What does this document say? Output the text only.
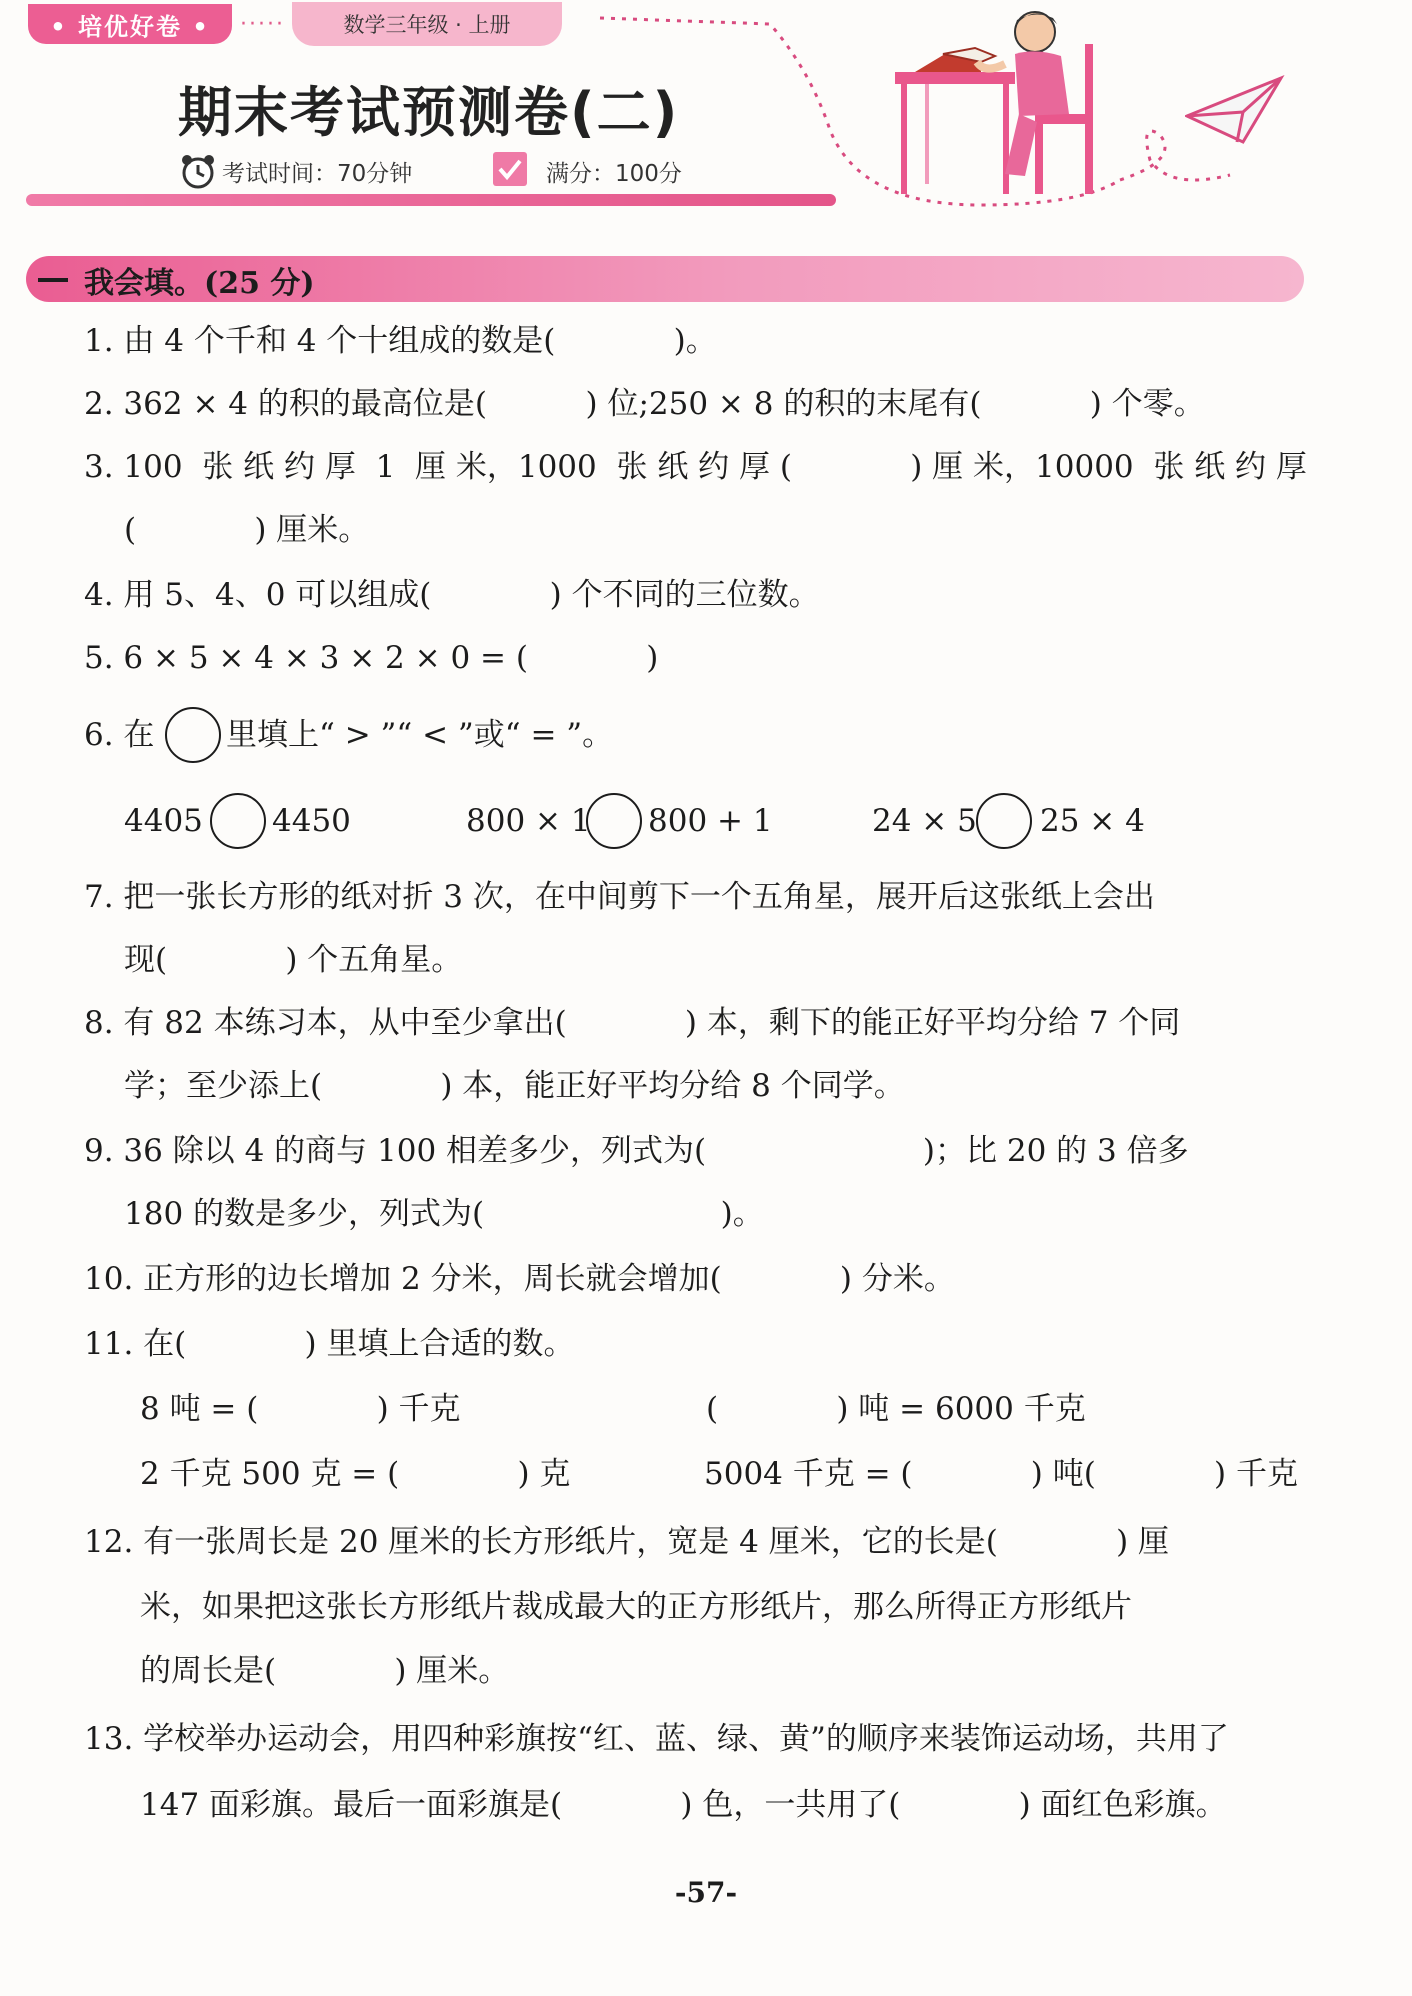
• 培优好卷 •	·····	数学三年级 · 上册
期末考试预测卷(二)
考试时间：70分钟	满分：100分
我会填。(25 分)
1. 由 4 个千和 4 个十组成的数是(            )。
2. 362 × 4 的积的最高位是(          ) 位;250 × 8 的积的末尾有(           ) 个零。
3. 100  张 纸 约 厚  1  厘 米，1000  张 纸 约 厚 (            ) 厘 米，10000  张 纸 约 厚
(            ) 厘米。
4. 用 5、4、0 可以组成(            ) 个不同的三位数。
5. 6 × 5 × 4 × 3 × 2 × 0 = (            )
6. 在 里填上“ > ”“ < ”或“ = ”。
4405 4450	800 × 1 800 + 1	24 × 5 25 × 4
7. 把一张长方形的纸对折 3 次，在中间剪下一个五角星，展开后这张纸上会出
现(            ) 个五角星。
8. 有 82 本练习本，从中至少拿出(            ) 本，剩下的能正好平均分给 7 个同
学；至少添上(            ) 本，能正好平均分给 8 个同学。
9. 36 除以 4 的商与 100 相差多少，列式为(                      )；比 20 的 3 倍多
180 的数是多少，列式为(                        )。
10. 正方形的边长增加 2 分米，周长就会增加(            ) 分米。
11. 在(            ) 里填上合适的数。
8 吨 = (            ) 千克	(            ) 吨 = 6000 千克
2 千克 500 克 = (            ) 克	5004 千克 = (            ) 吨(            ) 千克
12. 有一张周长是 20 厘米的长方形纸片，宽是 4 厘米，它的长是(            ) 厘
米，如果把这张长方形纸片裁成最大的正方形纸片，那么所得正方形纸片
的周长是(            ) 厘米。
13. 学校举办运动会，用四种彩旗按“红、蓝、绿、黄”的顺序来装饰运动场，共用了
147 面彩旗。最后一面彩旗是(            ) 色，一共用了(            ) 面红色彩旗。
-57-
